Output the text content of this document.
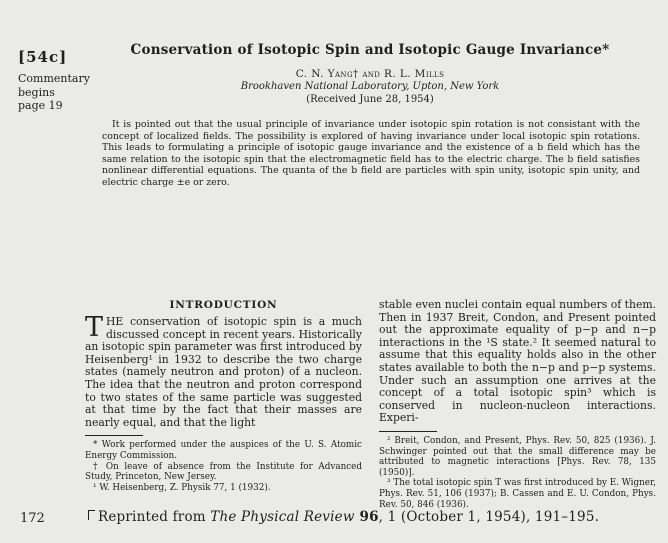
[54c]
Commentary
begins
page 19
Conservation of Isotopic Spin and Isotopic Gauge Invariance*
C. N. Yang† and R. L. Mills
Brookhaven National Laboratory, Upton, New York
(Received June 28, 1954)

It is pointed out that the usual principle of invariance under isotopic spin rotation is not consistant with the concept of localized fields. The possibility is explored of having invariance under local isotopic spin rotations. This leads to formulating a principle of isotopic gauge invariance and the existence of a b field which has the same relation to the isotopic spin that the electromagnetic field has to the electric charge. The b field satisfies nonlinear differential equations. The quanta of the b field are particles with spin unity, isotopic spin unity, and electric charge ±e or zero.

INTRODUCTION

THE conservation of isotopic spin is a much discussed concept in recent years. Historically an isotopic spin parameter was first introduced by Heisenberg¹ in 1932 to describe the two charge states (namely neutron and proton) of a nucleon. The idea that the neutron and proton correspond to two states of the same particle was suggested at that time by the fact that their masses are nearly equal, and that the light

* Work performed under the auspices of the U. S. Atomic Energy Commission.

† On leave of absence from the Institute for Advanced Study, Princeton, New Jersey.

¹ W. Heisenberg, Z. Physik 77, 1 (1932).

stable even nuclei contain equal numbers of them. Then in 1937 Breit, Condon, and Present pointed out the approximate equality of p−p and n−p interactions in the ¹S state.² It seemed natural to assume that this equality holds also in the other states available to both the n−p and p−p systems. Under such an assumption one arrives at the concept of a total isotopic spin³ which is conserved in nucleon-nucleon interactions. Experi-

² Breit, Condon, and Present, Phys. Rev. 50, 825 (1936). J. Schwinger pointed out that the small difference may be attributed to magnetic interactions [Phys. Rev. 78, 135 (1950)].

³ The total isotopic spin T was first introduced by E. Wigner, Phys. Rev. 51, 106 (1937); B. Cassen and E. U. Condon, Phys. Rev. 50, 846 (1936).

172	Reprinted from The Physical Review 96, 1 (October 1, 1954), 191–195.
